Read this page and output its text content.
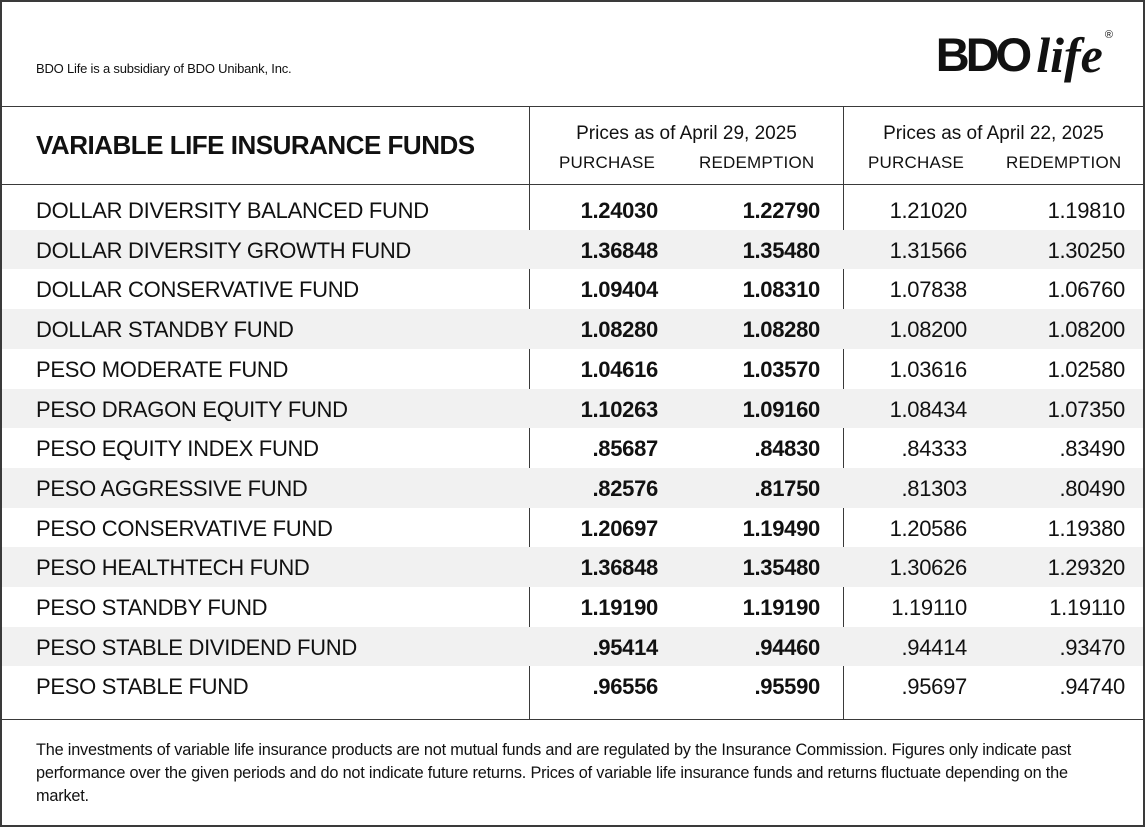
BDO Life is a subsidiary of BDO Unibank, Inc.	BDO life ®
VARIABLE LIFE INSURANCE FUNDS	Prices as of April 29, 2025
PURCHASE	REDEMPTION
Prices as of April 22, 2025
PURCHASE REDEMPTION
DOLLAR DIVERSITY BALANCED FUND	1.24030	1.22790	1.21020	1.19810
DOLLAR DIVERSITY GROWTH FUND	1.36848	1.35480	1.31566	1.30250
DOLLAR CONSERVATIVE FUND	1.09404	1.08310	1.07838	1.06760
DOLLAR STANDBY FUND	1.08280	1.08280	1.08200	1.08200
PESO MODERATE FUND	1.04616	1.03570	1.03616	1.02580
PESO DRAGON EQUITY FUND	1.10263	1.09160	1.08434	1.07350
PESO EQUITY INDEX FUND	.85687	.84830	.84333	.83490
PESO AGGRESSIVE FUND	.82576	.81750	.81303	.80490
PESO CONSERVATIVE FUND	1.20697	1.19490	1.20586	1.19380
PESO HEALTHTECH FUND	1.36848	1.35480	1.30626	1.29320
PESO STANDBY FUND	1.19190	1.19190	1.19110	1.19110
PESO STABLE DIVIDEND FUND	.95414	.94460	.94414	.93470
PESO STABLE FUND	.96556	.95590	.95697	.94740
The investments of variable life insurance products are not mutual funds and are regulated by the Insurance Commission. Figures only indicate past performance over the given periods and do not indicate future returns. Prices of variable life insurance funds and returns fluctuate depending on the market.
